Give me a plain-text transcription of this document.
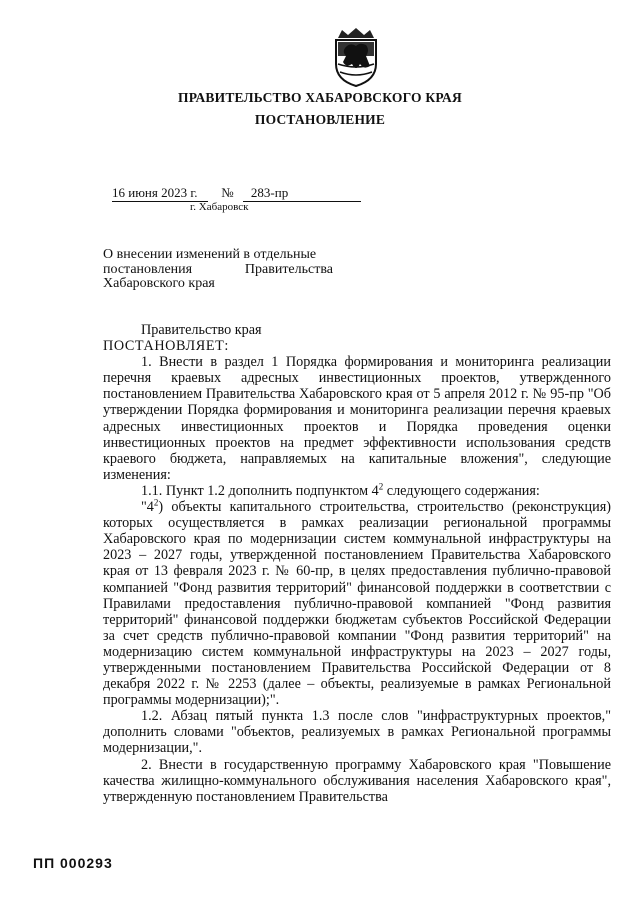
ПРАВИТЕЛЬСТВО ХАБАРОВСКОГО КРАЯ
ПОСТАНОВЛЕНИЕ
16 июня 2023 г. № 283-пр
г. Хабаровск
О внесении изменений в отдельные
постановления	Правительства
Хабаровского края

Правительство края

ПОСТАНОВЛЯЕТ:

1. Внести в раздел 1 Порядка формирования и мониторинга реализации перечня краевых адресных инвестиционных проектов, утвержденного постановлением Правительства Хабаровского края от 5 апреля 2012 г. № 95-пр "Об утверждении Порядка формирования и мониторинга реализации перечня краевых адресных инвестиционных проектов и Порядка проведения оценки инвестиционных проектов на предмет эффективности использования средств краевого бюджета, направляемых на капитальные вложения", следующие изменения:

1.1. Пункт 1.2 дополнить подпунктом $4^2$ следующего содержания:

"$4^2$) объекты капитального строительства, строительство (реконструкция) которых осуществляется в рамках реализации региональной программы Хабаровского края по модернизации систем коммунальной инфраструктуры на 2023 – 2027 годы, утвержденной постановлением Правительства Хабаровского края от 13 февраля 2023 г. № 60-пр, в целях предоставления публично-правовой компанией "Фонд развития территорий" финансовой поддержки в соответствии с Правилами предоставления публично-правовой компанией "Фонд развития территорий" финансовой поддержки бюджетам субъектов Российской Федерации за счет средств публично-правовой компании "Фонд развития территорий" на модернизацию систем коммунальной инфраструктуры на 2023 – 2027 годы, утвержденными постановлением Правительства Российской Федерации от 8 декабря 2022 г. № 2253 (далее – объекты, реализуемые в рамках Региональной программы модернизации);".

1.2. Абзац пятый пункта 1.3 после слов "инфраструктурных проектов," дополнить словами "объектов, реализуемых в рамках Региональной программы модернизации,".

2. Внести в государственную программу Хабаровского края "Повышение качества жилищно-коммунального обслуживания населения Хабаровского края", утвержденную постановлением Правительства

ПП 000293
